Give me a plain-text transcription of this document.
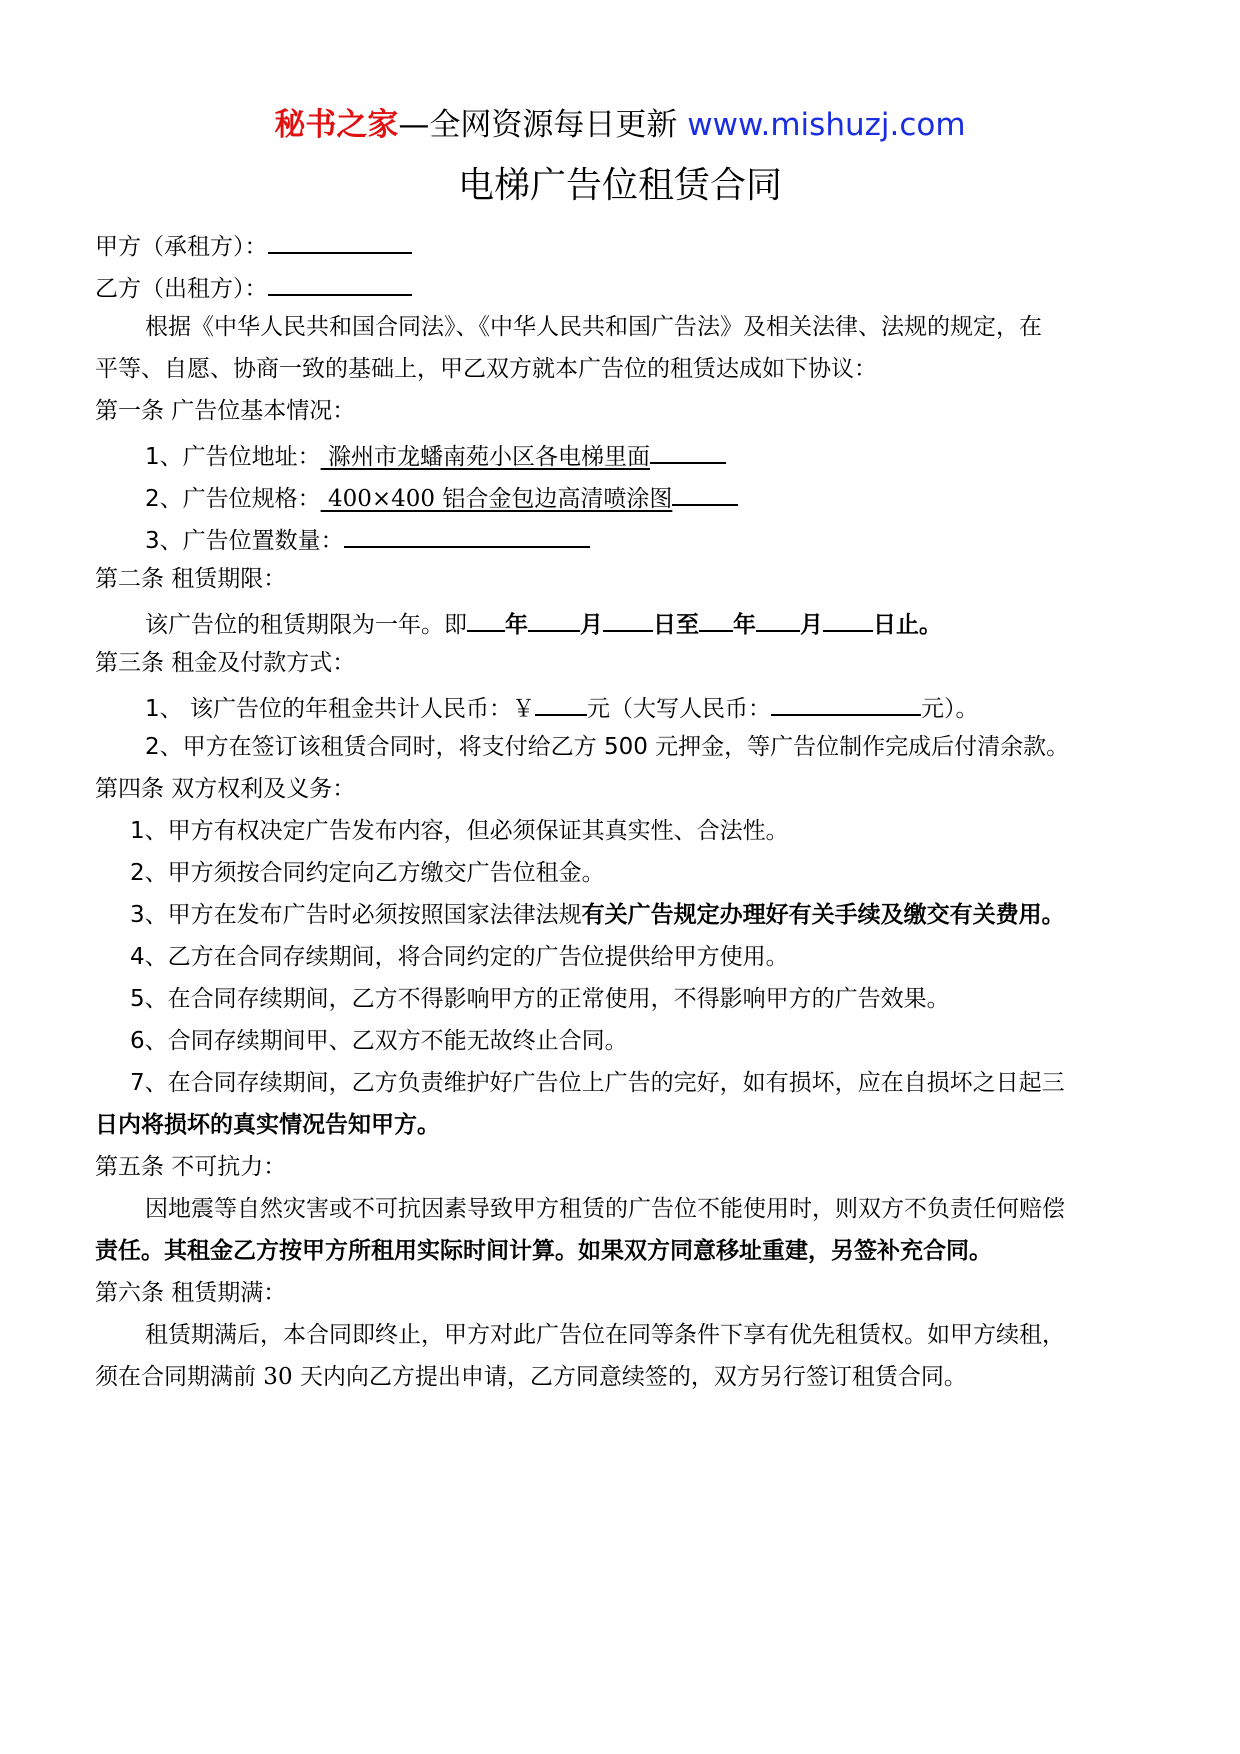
秘书之家—全网资源每日更新 www.mishuzj.com
电梯广告位租赁合同
甲方（承租方）：
乙方（出租方）：
根据《中华人民共和国合同法》、《中华人民共和国广告法》及相关法律、法规的规定，在
平等、自愿、协商一致的基础上，甲乙双方就本广告位的租赁达成如下协议：
第一条 广告位基本情况：
1、广告位地址： 滁州市龙蟠南苑小区各电梯里面
2、广告位规格： 400×400 铝合金包边高清喷涂图
3、广告位置数量：
第二条 租赁期限：
该广告位的租赁期限为一年。即 年 月 日至 年 月 日止。
第三条 租金及付款方式：
1、 该广告位的年租金共计人民币：￥ 元（大写人民币：	元）。
2、甲方在签订该租赁合同时，将支付给乙方 500 元押金，等广告位制作完成后付清余款。
第四条 双方权利及义务：
1、甲方有权决定广告发布内容，但必须保证其真实性、合法性。
2、甲方须按合同约定向乙方缴交广告位租金。
3、甲方在发布广告时必须按照国家法律法规有关广告规定办理好有关手续及缴交有关费用。
4、乙方在合同存续期间，将合同约定的广告位提供给甲方使用。
5、在合同存续期间，乙方不得影响甲方的正常使用，不得影响甲方的广告效果。
6、合同存续期间甲、乙双方不能无故终止合同。
7、在合同存续期间，乙方负责维护好广告位上广告的完好，如有损坏，应在自损坏之日起三
日内将损坏的真实情况告知甲方。
第五条 不可抗力：
因地震等自然灾害或不可抗因素导致甲方租赁的广告位不能使用时，则双方不负责任何赔偿
责任。其租金乙方按甲方所租用实际时间计算。如果双方同意移址重建，另签补充合同。
第六条 租赁期满：
租赁期满后，本合同即终止，甲方对此广告位在同等条件下享有优先租赁权。如甲方续租，
须在合同期满前 30 天内向乙方提出申请，乙方同意续签的，双方另行签订租赁合同。
